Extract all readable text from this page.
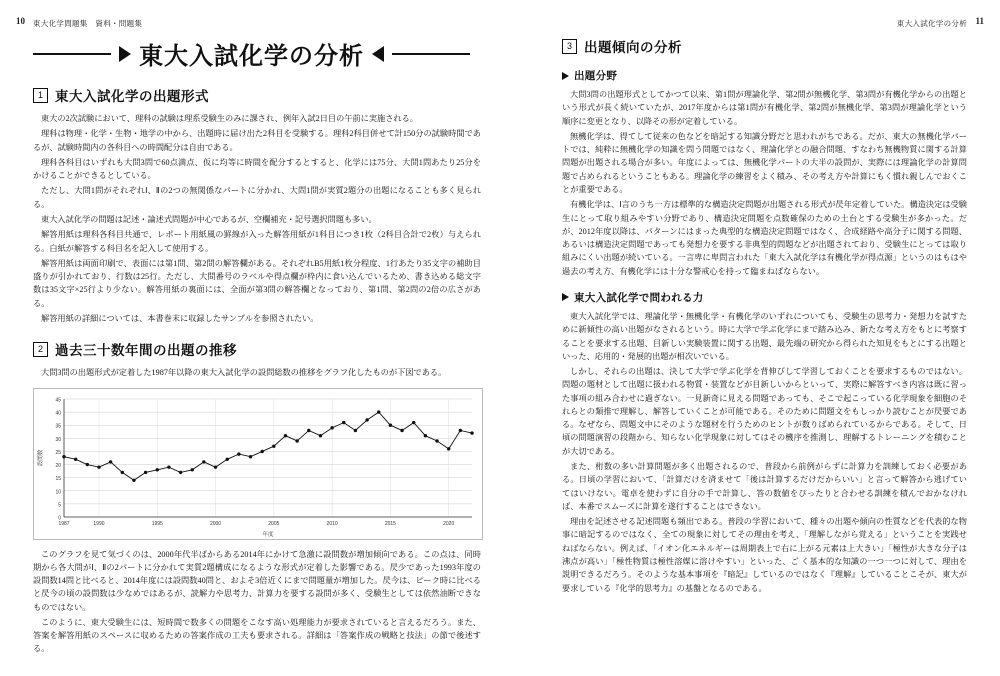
10 東大化学問題集　資料・問題集	東大入試化学の分析 11
東大入試化学の分析
1 東大入試化学の出題形式

東大の2次試験において、理科の試験は理系受験生のみに課され、例年入試2日目の午前に実施される。

理科は物理・化学・生物・地学の中から、出題時に届け出た2科目を受験する。理科2科目併せて計150分の試験時間であるが、試験時間内の各科目への時間配分は自由である。

理科各科目はいずれも大問3問で60点満点、仮に均等に時間を配分するとすると、化学には75分、大問1問あたり25分をかけることができるとしている。

ただし、大問1問がそれぞれⅠ、Ⅱの2つの無関係なパートに分かれ、大問1問が実質2題分の出題になることも多く見られる。

東大入試化学の問題は記述・論述式問題が中心であるが、空欄補充・記号選択問題も多い。

解答用紙は理科各科目共通で、レポート用紙風の罫線が入った解答用紙が1科目につき1枚（2科目合計で2枚）与えられる。白紙が解答する科目名を記入して使用する。

解答用紙は両面印刷で、表面には第1問、第2問の解答欄がある。それぞれB5用紙1枚分程度、1行あたり35文字の補助目盛りが引かれており、行数は25行。ただし、大問番号のラベルや得点欄が枠内に食い込んでいるため、書き込める総文字数は35文字×25行より少ない。解答用紙の裏面には、全面が第3問の解答欄となっており、第1問、第2問の2倍の広さがある。

解答用紙の詳細については、本書巻末に収録したサンプルを参照されたい。

2 過去三十数年間の出題の推移

大問3問の出題形式が定着した1987年以降の東大入試化学の設問総数の推移をグラフ化したものが下図である。

0
5
10
15
20
25
30
35
40
45
1987	1990	1995	2000	2005	2010	2015	2020
設問数
年度

このグラフを見て気づくのは、2000年代半ばからある2014年にかけて急激に設問数が増加傾向である。この点は、同時期から各大問がⅠ、Ⅱの2パートに分かれて実質2題構成になるような形式が定着した影響である。昃少であった1993年度の設問数14問と比べると、2014年度には設問数40問と、およそ3倍近くにまで問題量が増加した。昃今は、ピーク時に比べると昃今の頃の設問数は少なめではあるが、読解力や思考力、計算力を要する設問が多く、受験生としては依然油断できなものではない。

このように、東大受験生には、短時間で数多くの問題をこなす高い処理能力が要求されていると言えるだろう。また、答案を解答用紙のスペースに収めるための答案作成の工夫も要求される。詳細は「答案作成の戦略と技法」の節で後述する。

3 出題傾向の分析
出題分野

大問3問の出題形式としてかつて以来、第1問が理論化学、第2問が無機化学、第3問が有機化学からの出題という形式が長く続いていたが、2017年度からは第1問が有機化学、第2問が無機化学、第3問が理論化学という順序に変更となり、以降その形が定着している。

無機化学は、得てして従来の色などを暗記する知識分野だと思われがちである。だが、東大の無機化学パートでは、純粋に無機化学の知識を問う問題ではなく、理論化学との融合問題、すなわち無機物質に関する計算問題が出題される場合が多い。年度によっては、無機化学パートの大半の設問が、実際には理論化学の計算問題で占められるということもある。理論化学の練習をよく積み、その考え方や計算にもく慣れ親しんでおくことが重要である。

有機化学は、Ⅰ言のうち一方は標準的な構造決定問題が出題される形式が昃年定着していた。構造決定は受験生にとって取り組みやすい分野であり、構造決定問題を点数確保のための土台とする受験生が多かった。だが、2012年度以降は、パターンにはまった典型的な構造決定問題ではなく、合成経路や高分子に関する問題、あるいは構造決定問題であっても発想力を要する非典型的問題などが出題されており、受験生にとっては取り組みにくい出題が続いている。一言卑に卑問言われた「東大入試化学は有機化学が得点源」というのはもはや過去の考え方、有機化学には十分な警戒心を持って臨まねばならない。

東大入試化学で問われる力

東大入試化学では、理論化学・無機化学・有機化学のいずれについても、受験生の思考力・発想力を試すために新傾性の高い出題がなされるという。時に大学で学ぶ化学にまで踏み込み、新たな考え方をもとに考察することを要求する出題、目新しい実験装置に関する出題、最先端の研究から得られた知見をもとにする出題といった、応用的・発展的出題が相次いでいる。

しかし、それらの出題は、決して大学で学ぶ化学を背伸びして学習しておくことを要求するものではない。問題の題材として出題に扱われる物質・装置などが目新しいからといって、実際に解答すべき内容は既に習った事項の組み合わせに過ぎない。一見新奇に見える問題であっても、そこで起こっている化学現象を細胞のそれらとの類推で理解し、解答していくことが可能である。そのために問題文をもしっかり読むことが昃要である。なぜなら、問題文中にそのような題材を行うためのヒントが数りばめられているからである。そして、日頃の問題演習の段階から、知らない化学現象に対してはその機序を推測し、理解するトレーニングを積むことが大切である。

また、桁数の多い計算問題が多く出題されるので、普段から前例がらずに計算力を訓練しておく必要がある。日頃の学習において、「計算だけを済ませて「後は計算するだけだからいい」と言って解答から逃げていてはいけない。電卓を使わずに自分の手で計算し、答の数値をぴったりと合わせる訓練を積んでおかなければ、本番でスムーズに計算を遂行することはできない。

理由を記述させる記述問題も頻出である。普段の学習において、種々の出題や傾向の性質などを代表的な物事に暗記するのではなく、全ての現象に対してその理由を考え、「理解しながら覚える」ということを実践せねばならない。例えば、「イオン化エネルギーは周期表上で右に上がる元素は上大きい」「極性が大きな分子は沸点が高い」「極性物質は極性溶媒に溶けやすい」といった、ご く基本的な知識の一つ一つに対して、理由を説明できるだろう。そのような基本事項を『暗記』しているのではなく『理解』していることこそが、東大が要求している『化学的思考力』の基盤となるのである。
